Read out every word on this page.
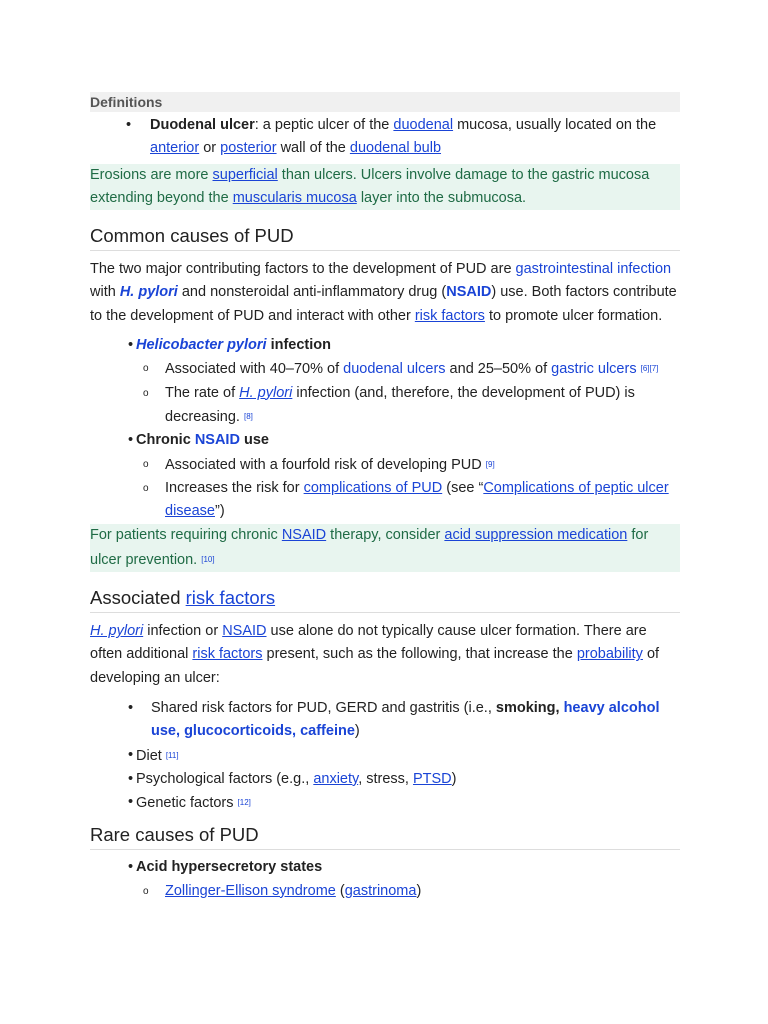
Definitions
• Duodenal ulcer: a peptic ulcer of the duodenal mucosa, usually located on the anterior or posterior wall of the duodenal bulb
Erosions are more superficial than ulcers. Ulcers involve damage to the gastric mucosa extending beyond the muscularis mucosa layer into the submucosa.
Common causes of PUD

The two major contributing factors to the development of PUD are gastrointestinal infection with H. pylori and nonsteroidal anti-inflammatory drug (NSAID) use. Both factors contribute to the development of PUD and interact with other risk factors to promote ulcer formation.

• Helicobacter pylori infection
o Associated with 40–70% of duodenal ulcers and 25–50% of gastric ulcers [6][7]
o The rate of H. pylori infection (and, therefore, the development of PUD) is decreasing. [8]
• Chronic NSAID use
o Associated with a fourfold risk of developing PUD [9]
o Increases the risk for complications of PUD (see “Complications of peptic ulcer disease”)
For patients requiring chronic NSAID therapy, consider acid suppression medication for ulcer prevention. [10]
Associated risk factors

H. pylori infection or NSAID use alone do not typically cause ulcer formation. There are often additional risk factors present, such as the following, that increase the probability of developing an ulcer:

•	Shared risk factors for PUD, GERD and gastritis (i.e., smoking, heavy alcohol use, glucocorticoids, caffeine)
• Diet [11]
• Psychological factors (e.g., anxiety, stress, PTSD)
• Genetic factors [12]
Rare causes of PUD
• Acid hypersecretory states
o Zollinger-Ellison syndrome (gastrinoma)
